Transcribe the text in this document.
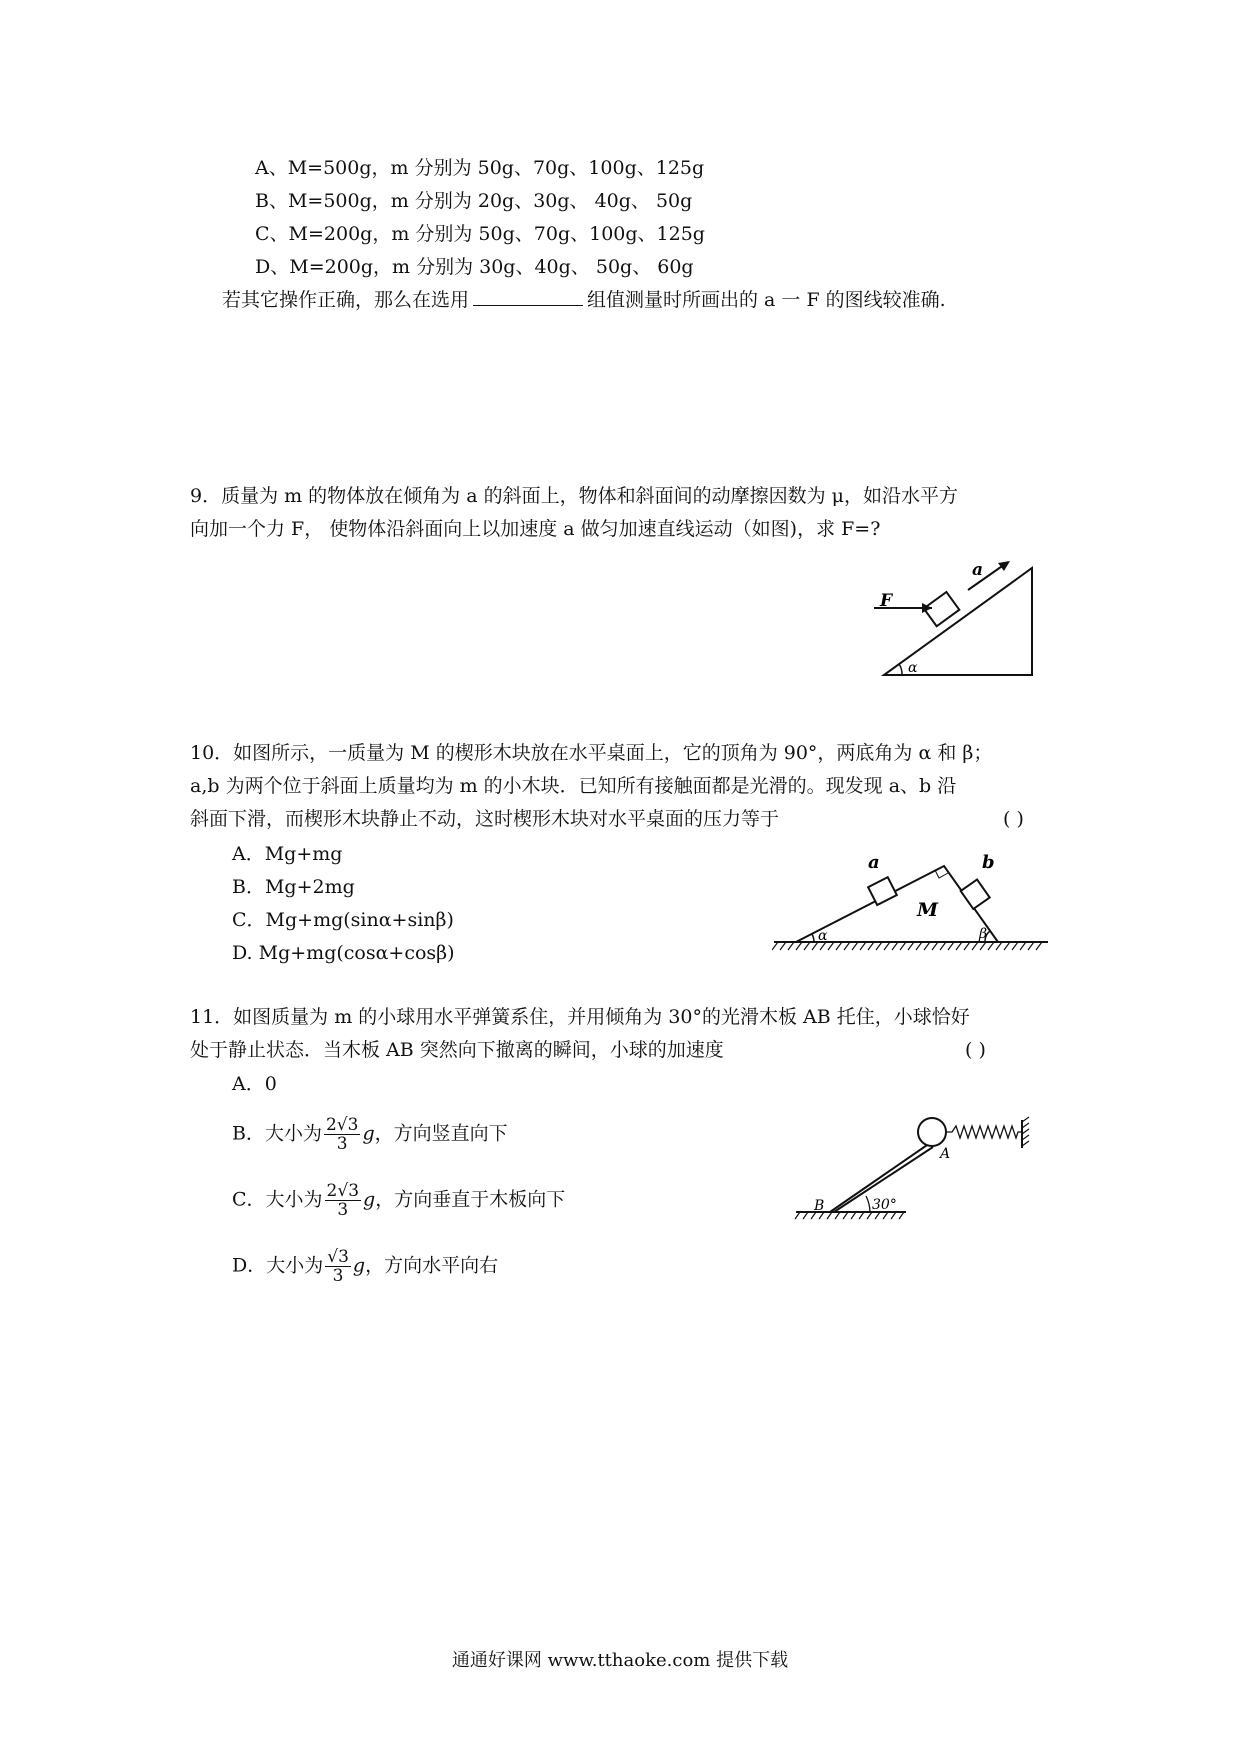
A、M=500g，m 分别为 50g、70g、100g、125g
B、M=500g，m 分别为 20g、30g、 40g、 50g
C、M=200g，m 分别为 50g、70g、100g、125g
D、M=200g，m 分别为 30g、40g、 50g、 60g
若其它操作正确，那么在选用	组值测量时所画出的 a 一 F 的图线较准确.
9．质量为 m 的物体放在倾角为 a 的斜面上，物体和斜面间的动摩擦因数为 μ，如沿水平方
向加一个力 F， 使物体沿斜面向上以加速度 a 做匀加速直线运动（如图)，求 F=?
F
a
α
10．如图所示，一质量为 M 的楔形木块放在水平桌面上，它的顶角为 90°，两底角为 α 和 β；
a,b 为两个位于斜面上质量均为 m 的小木块．已知所有接触面都是光滑的。现发现 a、b 沿
斜面下滑，而楔形木块静止不动，这时楔形木块对水平桌面的压力等于	( )
A．Mg+mg
B．Mg+2mg
C．Mg+mg(sinα+sinβ)
D. Mg+mg(cosα+cosβ)
a	b
M
α	β
11．如图质量为 m 的小球用水平弹簧系住，并用倾角为 30°的光滑木板 AB 托住，小球恰好
处于静止状态．当木板 AB 突然向下撤离的瞬间，小球的加速度	( )
A．0
B．大小为 $\frac{2√3}{3}$ g，方向竖直向下
C．大小为 $\frac{2√3}{3}$ g，方向垂直于木板向下
D．大小为 $\frac{√3}{3}$ g，方向水平向右
B
A
30°
通通好课网 www.tthaoke.com 提供下载
